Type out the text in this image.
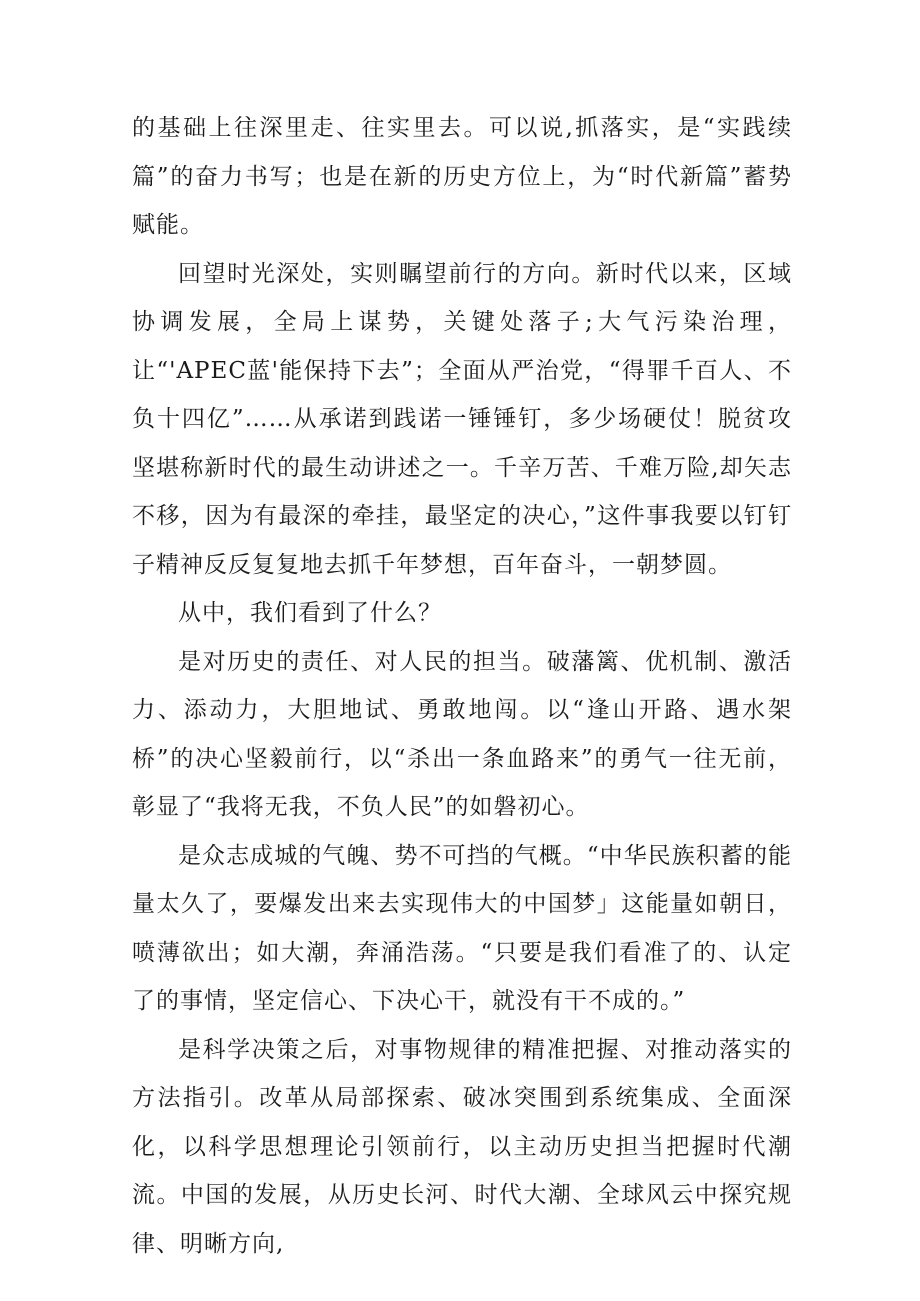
的基础上往深里走、往实里去。可以说,抓落实，是“实践续篇”的奋力书写；也是在新的历史方位上，为“时代新篇”蓄势赋能。

回望时光深处，实则瞩望前行的方向。新时代以来，区域协调发展，全局上谋势，关键处落子;大气污染治理，让“'APEC蓝'能保持下去”；全面从严治党，“得罪千百人、不负十四亿”……从承诺到践诺一锤锤钉，多少场硬仗！脱贫攻坚堪称新时代的最生动讲述之一。千辛万苦、千难万险,却矢志不移，因为有最深的牵挂，最坚定的决心，”这件事我要以钉钉子精神反反复复地去抓千年梦想，百年奋斗，一朝梦圆。

从中，我们看到了什么？

是对历史的责任、对人民的担当。破藩篱、优机制、激活力、添动力，大胆地试、勇敢地闯。以“逢山开路、遇水架桥”的决心坚毅前行，以“杀出一条血路来”的勇气一往无前，彰显了“我将无我，不负人民”的如磐初心。

是众志成城的气魄、势不可挡的气概。“中华民族积蓄的能量太久了，要爆发出来去实现伟大的中国梦」这能量如朝日，喷薄欲出；如大潮，奔涌浩荡。“只要是我们看准了的、认定了的事情，坚定信心、下决心干，就没有干不成的。”

是科学决策之后，对事物规律的精准把握、对推动落实的方法指引。改革从局部探索、破冰突围到系统集成、全面深化，以科学思想理论引领前行，以主动历史担当把握时代潮流。中国的发展，从历史长河、时代大潮、全球风云中探究规律、明晰方向,
